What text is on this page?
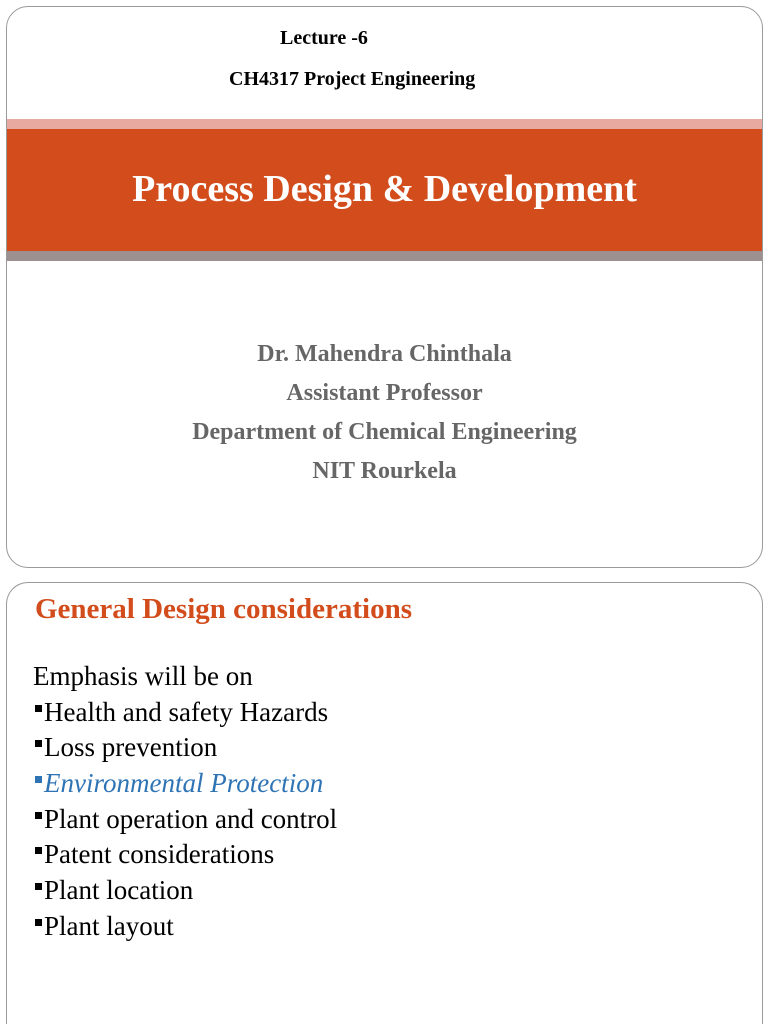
Lecture -6
CH4317 Project Engineering
Process Design & Development
Dr. Mahendra Chinthala
Assistant Professor
Department of Chemical Engineering
NIT Rourkela
General Design considerations
Emphasis will be on
Health and safety Hazards
Loss prevention
Environmental Protection
Plant operation and control
Patent considerations
Plant location
Plant layout
